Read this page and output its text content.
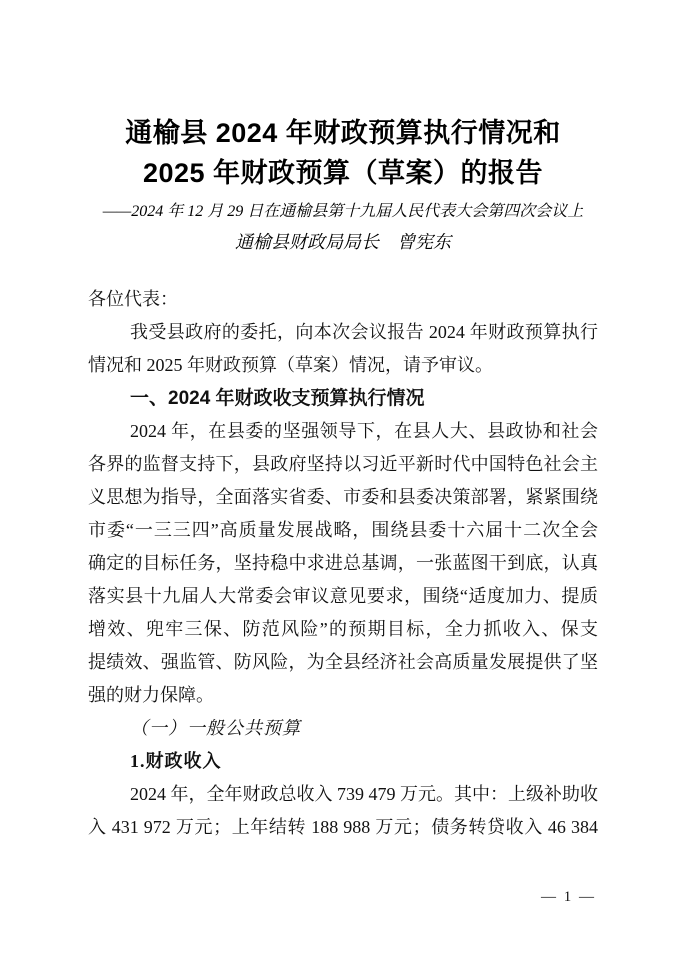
通榆县 2024 年财政预算执行情况和
2025 年财政预算（草案）的报告
——2024 年 12 月 29 日在通榆县第十九届人民代表大会第四次会议上
通榆县财政局局长　曾宪东
各位代表：
我受县政府的委托，向本次会议报告 2024 年财政预算执行
情况和 2025 年财政预算（草案）情况，请予审议。
一、2024 年财政收支预算执行情况
2024 年，在县委的坚强领导下，在县人大、县政协和社会
各界的监督支持下，县政府坚持以习近平新时代中国特色社会主
义思想为指导，全面落实省委、市委和县委决策部署，紧紧围绕
市委“一三三四”高质量发展战略，围绕县委十六届十二次全会
确定的目标任务，坚持稳中求进总基调，一张蓝图干到底，认真
落实县十九届人大常委会审议意见要求，围绕“适度加力、提质
增效、兜牢三保、防范风险”的预期目标，全力抓收入、保支
提绩效、强监管、防风险，为全县经济社会高质量发展提供了坚
强的财力保障。
（一）一般公共预算
1.财政收入
2024 年，全年财政总收入 739 479 万元。其中：上级补助收
入 431 972 万元；上年结转 188 988 万元；债务转贷收入 46 384
— 1 —
